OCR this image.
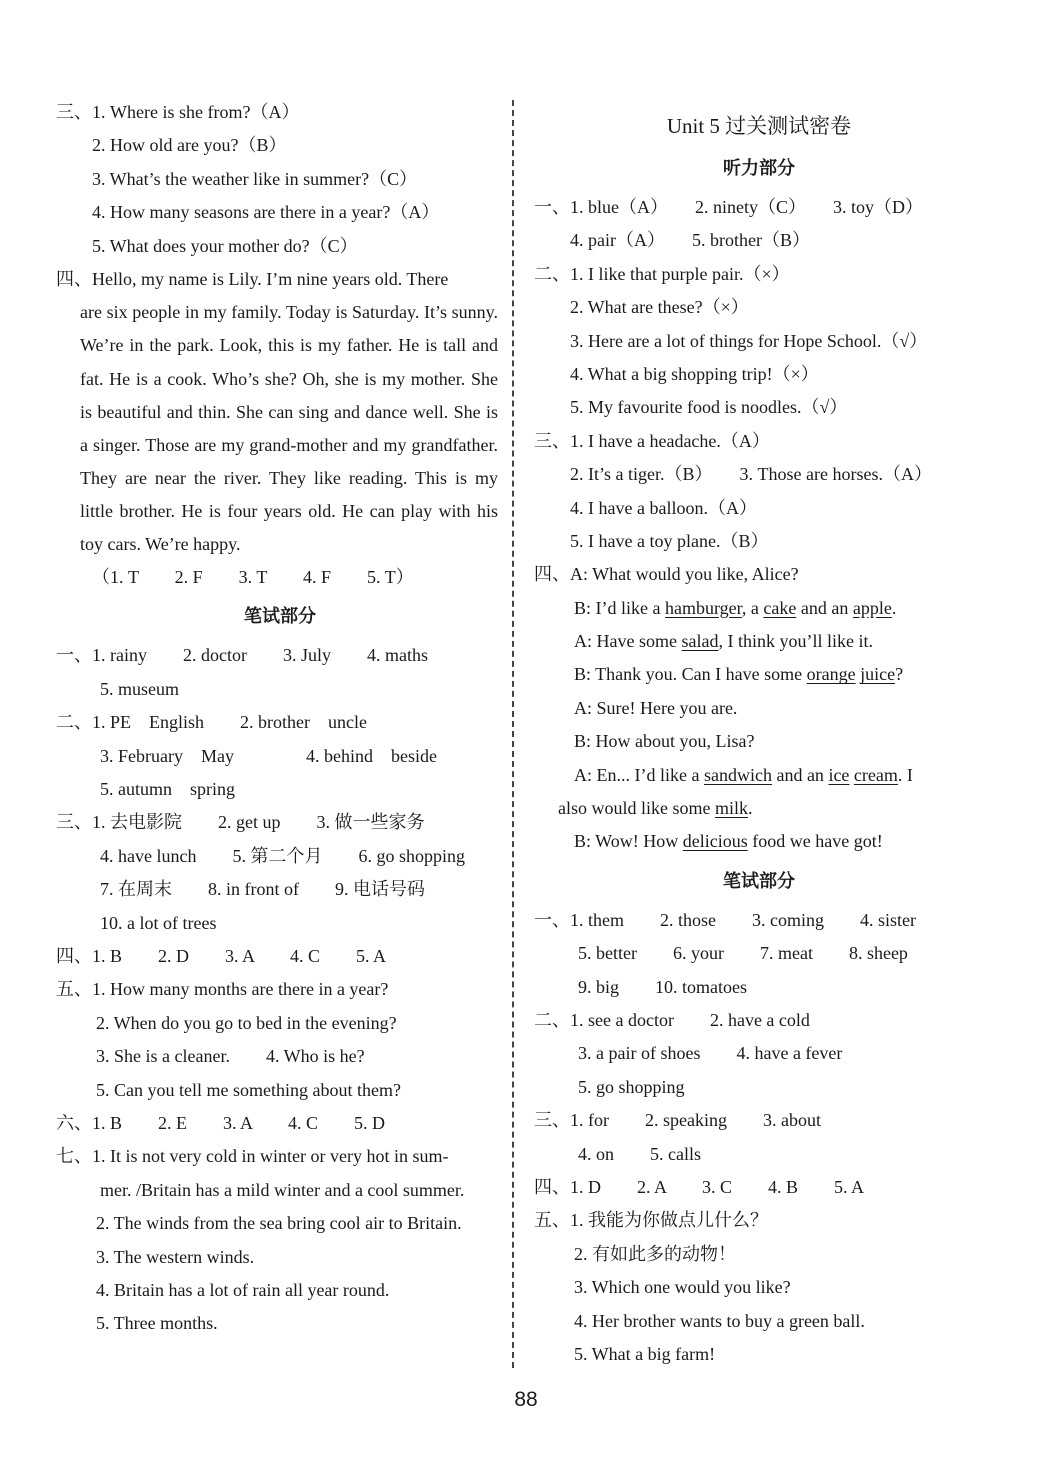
三、1. Where is she from?（A）
2. How old are you?（B）
3. What’s the weather like in summer?（C）
4. How many seasons are there in a year?（A）
5. What does your mother do?（C）
四、Hello, my name is Lily. I’m nine years old. There
are six people in my family. Today is Saturday. It’s sunny. We’re in the park. Look, this is my father. He is tall and fat. He is a cook. Who’s she? Oh, she is my mother. She is beautiful and thin. She can sing and dance well. She is a singer. Those are my grand-mother and my grandfather. They are near the river. They like reading. This is my little brother. He is four years old. He can play with his toy cars. We’re happy.
（1. T　　2. F　　3. T　　4. F　　5. T）
笔试部分
一、1. rainy　　2. doctor　　3. July　　4. maths
5. museum
二、1. PE　English　　2. brother　uncle
3. February　May　　　　4. behind　beside
5. autumn　spring
三、1. 去电影院　　2. get up　　3. 做一些家务
4. have lunch　　5. 第二个月　　6. go shopping
7. 在周末　　8. in front of　　9. 电话号码
10. a lot of trees
四、1. B　　2. D　　3. A　　4. C　　5. A
五、1. How many months are there in a year?
2. When do you go to bed in the evening?
3. She is a cleaner.　　4. Who is he?
5. Can you tell me something about them?
六、1. B　　2. E　　3. A　　4. C　　5. D
七、1. It is not very cold in winter or very hot in sum-
mer. /Britain has a mild winter and a cool summer.
2. The winds from the sea bring cool air to Britain.
3. The western winds.
4. Britain has a lot of rain all year round.
5. Three months.
Unit 5 过关测试密卷
听力部分
一、1. blue（A）　　2. ninety（C）　　3. toy（D）
4. pair（A）　　5. brother（B）
二、1. I like that purple pair.（×）
2. What are these?（×）
3. Here are a lot of things for Hope School.（√）
4. What a big shopping trip!（×）
5. My favourite food is noodles.（√）
三、1. I have a headache.（A）
2. It’s a tiger.（B）　　3. Those are horses.（A）
4. I have a balloon.（A）
5. I have a toy plane.（B）
四、A: What would you like, Alice?
B: I’d like a hamburger, a cake and an apple.
A: Have some salad, I think you’ll like it.
B: Thank you. Can I have some orange juice?
A: Sure! Here you are.
B: How about you, Lisa?
A: En... I’d like a sandwich and an ice cream. I
also would like some milk.
B: Wow! How delicious food we have got!
笔试部分
一、1. them　　2. those　　3. coming　　4. sister
5. better　　6. your　　7. meat　　8. sheep
9. big　　10. tomatoes
二、1. see a doctor　　2. have a cold
3. a pair of shoes　　4. have a fever
5. go shopping
三、1. for　　2. speaking　　3. about
4. on　　5. calls
四、1. D　　2. A　　3. C　　4. B　　5. A
五、1. 我能为你做点儿什么？
2. 有如此多的动物！
3. Which one would you like?
4. Her brother wants to buy a green ball.
5. What a big farm!
88
